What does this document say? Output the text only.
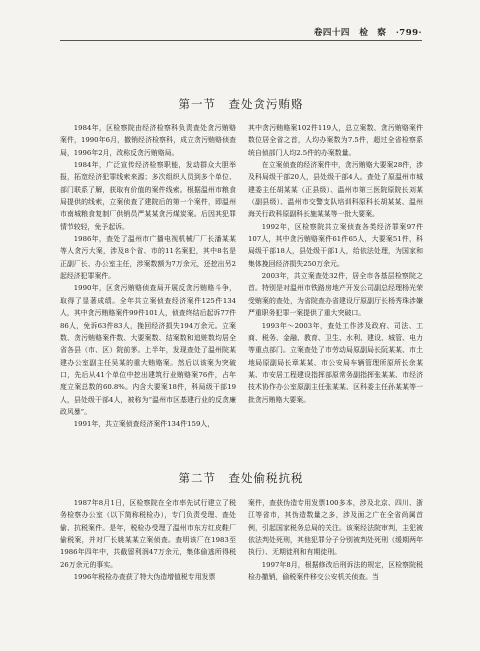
卷四十四 检　察 ·799·
第一节　查处贪污贿赂

1984年，区检察院由经济检察科负责查处贪污贿赂案件，1990年6月，撤销经济检察科，成立贪污贿赂侦查局，1996年2月，改称反贪污贿赂局。

1984年，广泛宣传经济检察职能，发动群众大胆举报，拓宽经济犯罪线索来源；多次组织人员到多个单位、部门联系了解，获取有价值的案件线索。根据温州市粮食局提供的线索，立案侦查了建院后的第一个案件，即温州市南城粮食复制厂供销员严某某贪污煤炭案。后因其犯罪情节较轻，免予起诉。

1986年，查处了温州市广播电视机械厂厂长潘某某等人贪污大案，涉及8个省、市的11名案犯，其中8名是正副厂长、办公室主任，涉案数额为7万余元，还挖出另2起经济犯罪案件。

1990年，区贪污贿赂侦查局开展反贪污贿赂斗争，取得了显著成绩。全年共立案侦查经济案件125件134人，其中贪污贿赂案件99件101人，侦查终结后起诉77件86人，免诉63件83人，挽回经济损失194万余元。立案数、贪污贿赂案件数、大要案数、结案数和追赃数均居全省各县（市、区）院前茅。上半年，发现查处了温州院某建办公室副主任吴某的重大贿赂案。然后以该案为突破口，先后从41个单位中挖出建筑行业贿赂案76件，占年度立案总数的60.8%。内含大要案18件，科局级干部19人，县处级干部4人，被称为“温州市区基建行业的反贪廉政风暴”。

1991年，共立案侦查经济案件134件159人，

其中贪污贿赂案102件119人，总立案数、贪污贿赂案件数位居全省之首，人均办案数为7.5件，超过全省检察系统自侦部门人均2.5件的办案数量。

在立案侦查的经济案件中，贪污贿赂大要案28件，涉及科局级干部20人，县处级干部4人。查处了原温州市城建委主任胡某某（正县级）、温州市第三医院原院长刘某（副县级）、温州市交警支队培训科原科长胡某某、温州海关行政科原副科长施某某等一批大要案。

1992年，区检察院共立案侦查各类经济罪案97件107人，其中贪污贿赂案件61件65人，大要案51件，科局级干部18人，县处级干部1人，给依法处理，为国家和集体挽回经济损失250万余元。

2003年，共立案查处32件，居全市各基层检察院之首。特别是对温州市铁路房地产开发公司副总经理杨光荣受贿案的查处，为省院查办省建设厅原副厅长杨秀珠涉嫌严重职务犯罪一案提供了重大突破口。

1993年～2003年，查处工作涉及政府、司法、工商、税务、金融、教育、卫生、水利、建设、城管、电力等重点部门。立案查处了市劳动局原副局长阮某某、市土地局原副局长章某某、市公安局车辆管理所原所长余某某、市安居工程建设指挥部原常务副指挥张某某、市经济技术协作办公室原副主任张某某、区科委主任孙某某等一批贪污贿赂大要案。

第二节　查处偷税抗税

1987年8月1日，区检察院在全市率先试行建立了税务检察办公室（以下简称税检办），专门负责受理、查处偷、抗税案件。是年，税检办受理了温州市东方红皮鞋厂偷税案，并对厂长姚某某立案侦查。查明该厂在1983至1986年四年中，共截留利润47万余元，集体偷逃所得税26万余元的事实。

1996年税检办查获了特大伪造增值税专用发票

案件，查获伪造专用发票100多本，涉及北京、四川、浙江等省市，其伪造数量之多，涉及面之广在全省尚属首例，引起国家税务总局的关注。该案经法院审判，主犯被依法判处死刑，其他犯罪分子分别被判处死刑（缓期两年执行）、无期徒刑和有期徒刑。

1997年8月，根据修改后刑诉法的规定，区检察院税检办撤销，偷税案件移交公安机关侦查。当
